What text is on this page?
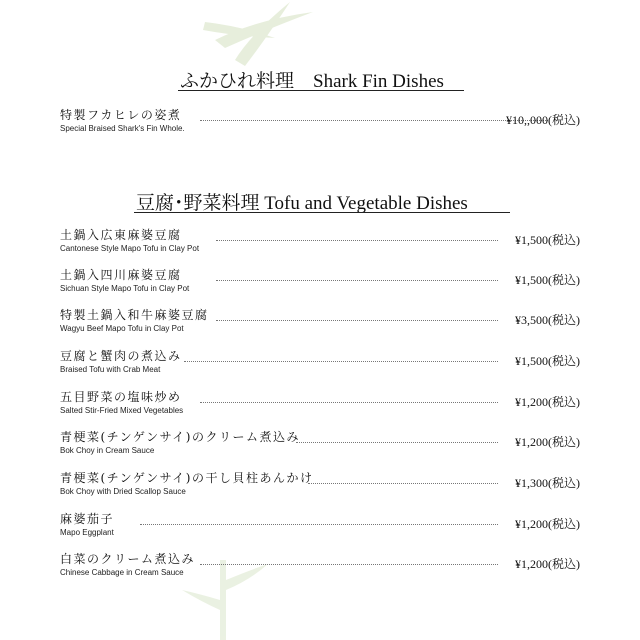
ふかひれ料理　Shark Fin Dishes
特製フカヒレの姿煮
Special Braised Shark's Fin Whole.
¥10,,000(税込)
豆腐･野菜料理 Tofu and Vegetable Dishes
土鍋入広東麻婆豆腐
Cantonese Style Mapo Tofu in Clay Pot
¥1,500(税込)
土鍋入四川麻婆豆腐
Sichuan Style Mapo Tofu in Clay Pot
¥1,500(税込)
特製土鍋入和牛麻婆豆腐
Wagyu Beef Mapo Tofu in Clay Pot
¥3,500(税込)
豆腐と蟹肉の煮込み
Braised Tofu with Crab Meat
¥1,500(税込)
五目野菜の塩味炒め
Salted Stir-Fried Mixed Vegetables
¥1,200(税込)
青梗菜(チンゲンサイ)のクリーム煮込み
Bok Choy in Cream Sauce
¥1,200(税込)
青梗菜(チンゲンサイ)の干し貝柱あんかけ
Bok Choy with Dried Scallop Sauce
¥1,300(税込)
麻婆茄子
Mapo Eggplant
¥1,200(税込)
白菜のクリーム煮込み
Chinese Cabbage in Cream Sauce
¥1,200(税込)
